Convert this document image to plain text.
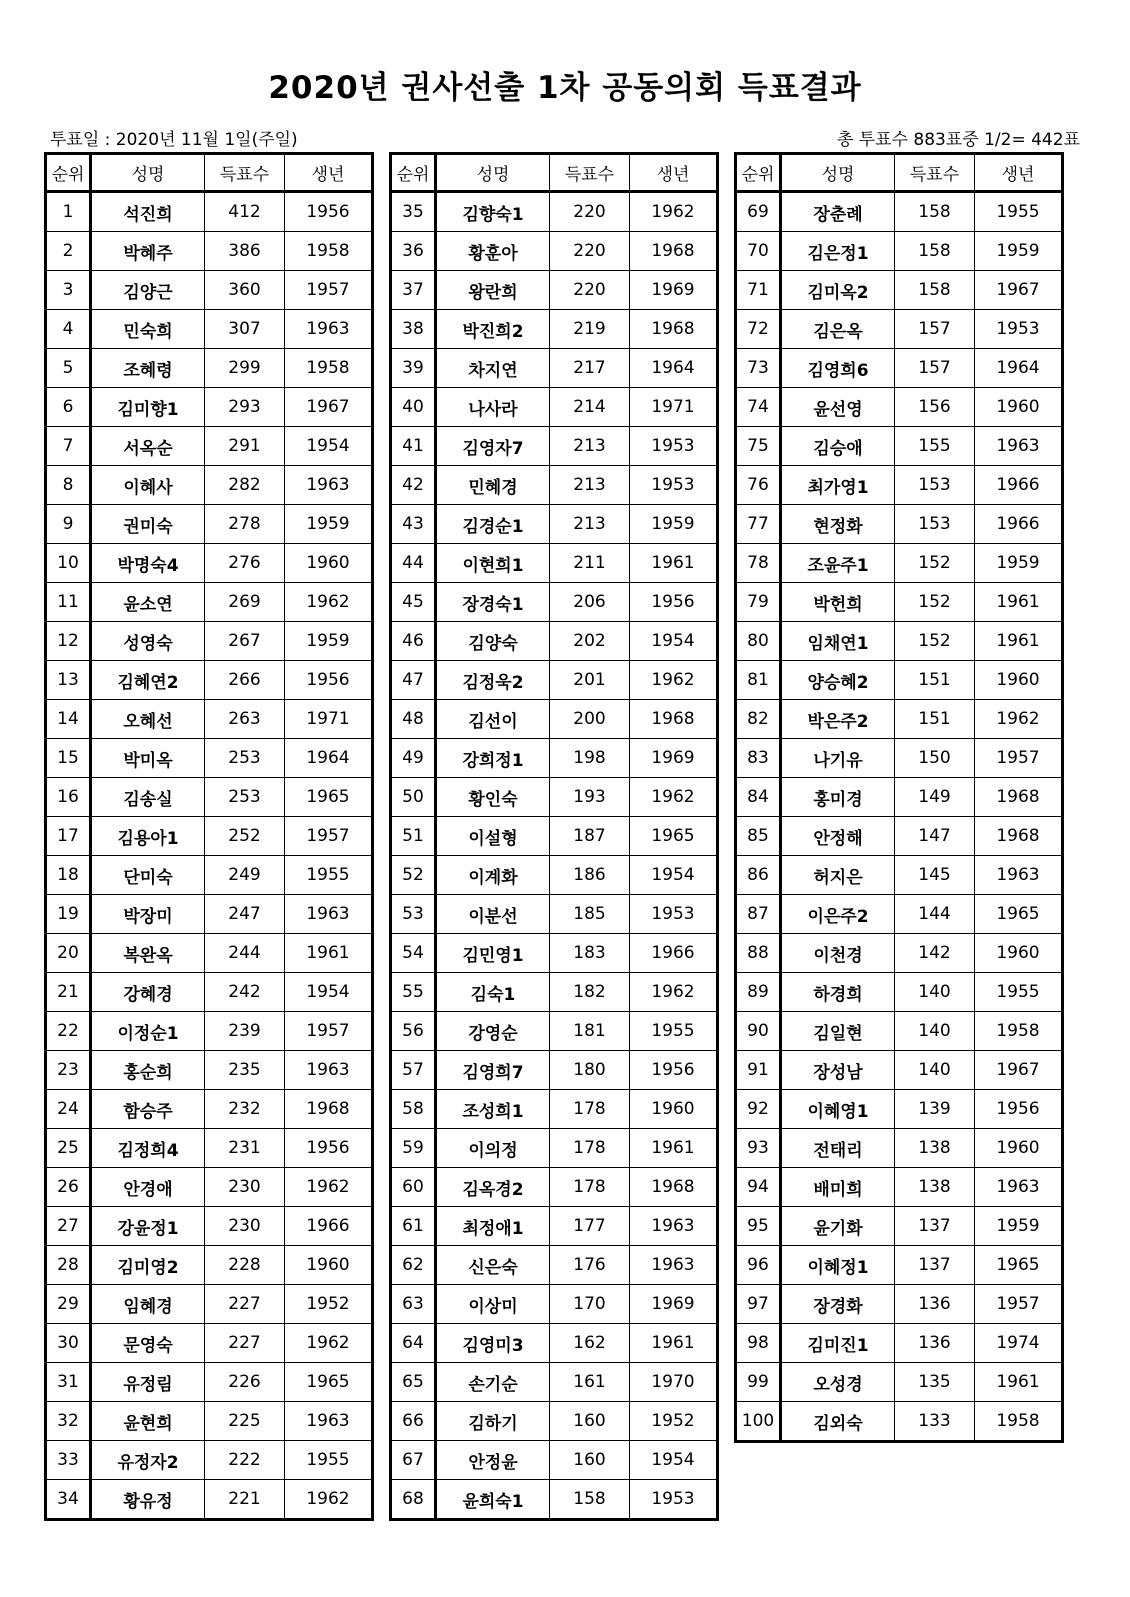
2020년 권사선출 1차 공동의회 득표결과
투표일 : 2020년 11월 1일(주일)	총 투표수 883표중 1/2= 442표
순위	성명	득표수	생년
1	석진희	412	1956
2	박혜주	386	1958
3	김양근	360	1957
4	민숙희	307	1963
5	조혜령	299	1958
6	김미향1	293	1967
7	서옥순	291	1954
8	이혜사	282	1963
9	권미숙	278	1959
10	박명숙4	276	1960
11	윤소연	269	1962
12	성영숙	267	1959
13	김혜연2	266	1956
14	오혜선	263	1971
15	박미옥	253	1964
16	김송실	253	1965
17	김용아1	252	1957
18	단미숙	249	1955
19	박장미	247	1963
20	복완옥	244	1961
21	강혜경	242	1954
22	이정순1	239	1957
23	홍순희	235	1963
24	함승주	232	1968
25	김정희4	231	1956
26	안경애	230	1962
27	강윤정1	230	1966
28	김미영2	228	1960
29	임혜경	227	1952
30	문영숙	227	1962
31	유정림	226	1965
32	윤현희	225	1963
33	유정자2	222	1955
34	황유정	221	1962
순위	성명	득표수	생년
35	김향숙1	220	1962
36	황훈아	220	1968
37	왕란희	220	1969
38	박진희2	219	1968
39	차지연	217	1964
40	나사라	214	1971
41	김영자7	213	1953
42	민혜경	213	1953
43	김경순1	213	1959
44	이현희1	211	1961
45	장경숙1	206	1956
46	김양숙	202	1954
47	김정욱2	201	1962
48	김선이	200	1968
49	강희정1	198	1969
50	황인숙	193	1962
51	이설형	187	1965
52	이계화	186	1954
53	이분선	185	1953
54	김민영1	183	1966
55	김숙1	182	1962
56	강영순	181	1955
57	김영희7	180	1956
58	조성희1	178	1960
59	이의정	178	1961
60	김옥경2	178	1968
61	최정애1	177	1963
62	신은숙	176	1963
63	이상미	170	1969
64	김영미3	162	1961
65	손기순	161	1970
66	김하기	160	1952
67	안정윤	160	1954
68	윤희숙1	158	1953
순위	성명	득표수	생년
69	장춘례	158	1955
70	김은정1	158	1959
71	김미옥2	158	1967
72	김은옥	157	1953
73	김영희6	157	1964
74	윤선영	156	1960
75	김승애	155	1963
76	최가영1	153	1966
77	현정화	153	1966
78	조윤주1	152	1959
79	박헌희	152	1961
80	임채연1	152	1961
81	양승혜2	151	1960
82	박은주2	151	1962
83	나기유	150	1957
84	홍미경	149	1968
85	안정해	147	1968
86	허지은	145	1963
87	이은주2	144	1965
88	이천경	142	1960
89	하경희	140	1955
90	김일현	140	1958
91	장성남	140	1967
92	이혜영1	139	1956
93	전태리	138	1960
94	배미희	138	1963
95	윤기화	137	1959
96	이혜정1	137	1965
97	장경화	136	1957
98	김미진1	136	1974
99	오성경	135	1961
100	김외숙	133	1958
